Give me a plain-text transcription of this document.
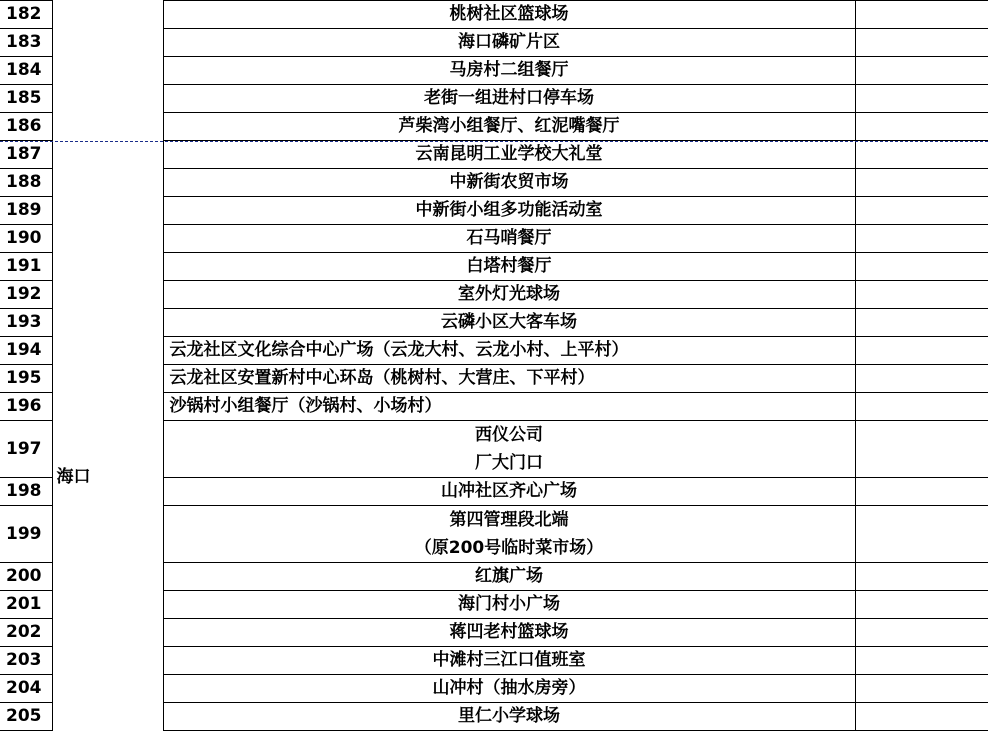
182		桃树社区篮球场	
183		海口磷矿片区	
184		马房村二组餐厅	
185		老街一组进村口停车场	
186		芦柴湾小组餐厅、红泥嘴餐厅	
187	海口	云南昆明工业学校大礼堂	
188		中新街农贸市场	
189		中新街小组多功能活动室	
190		石马哨餐厅	
191		白塔村餐厅	
192		室外灯光球场	
193		云磷小区大客车场	
194		云龙社区文化综合中心广场（云龙大村、云龙小村、上平村）	
195		云龙社区安置新村中心环岛（桃树村、大营庄、下平村）	
196		沙锅村小组餐厅（沙锅村、小场村）	
197		西仪公司
厂大门口	

198		山冲社区齐心广场	
199		第四管理段北端
（原200号临时菜市场）	

200		红旗广场	
201		海门村小广场	
202		蒋凹老村篮球场	
203		中滩村三江口值班室	
204		山冲村（抽水房旁）	
205		里仁小学球场	
